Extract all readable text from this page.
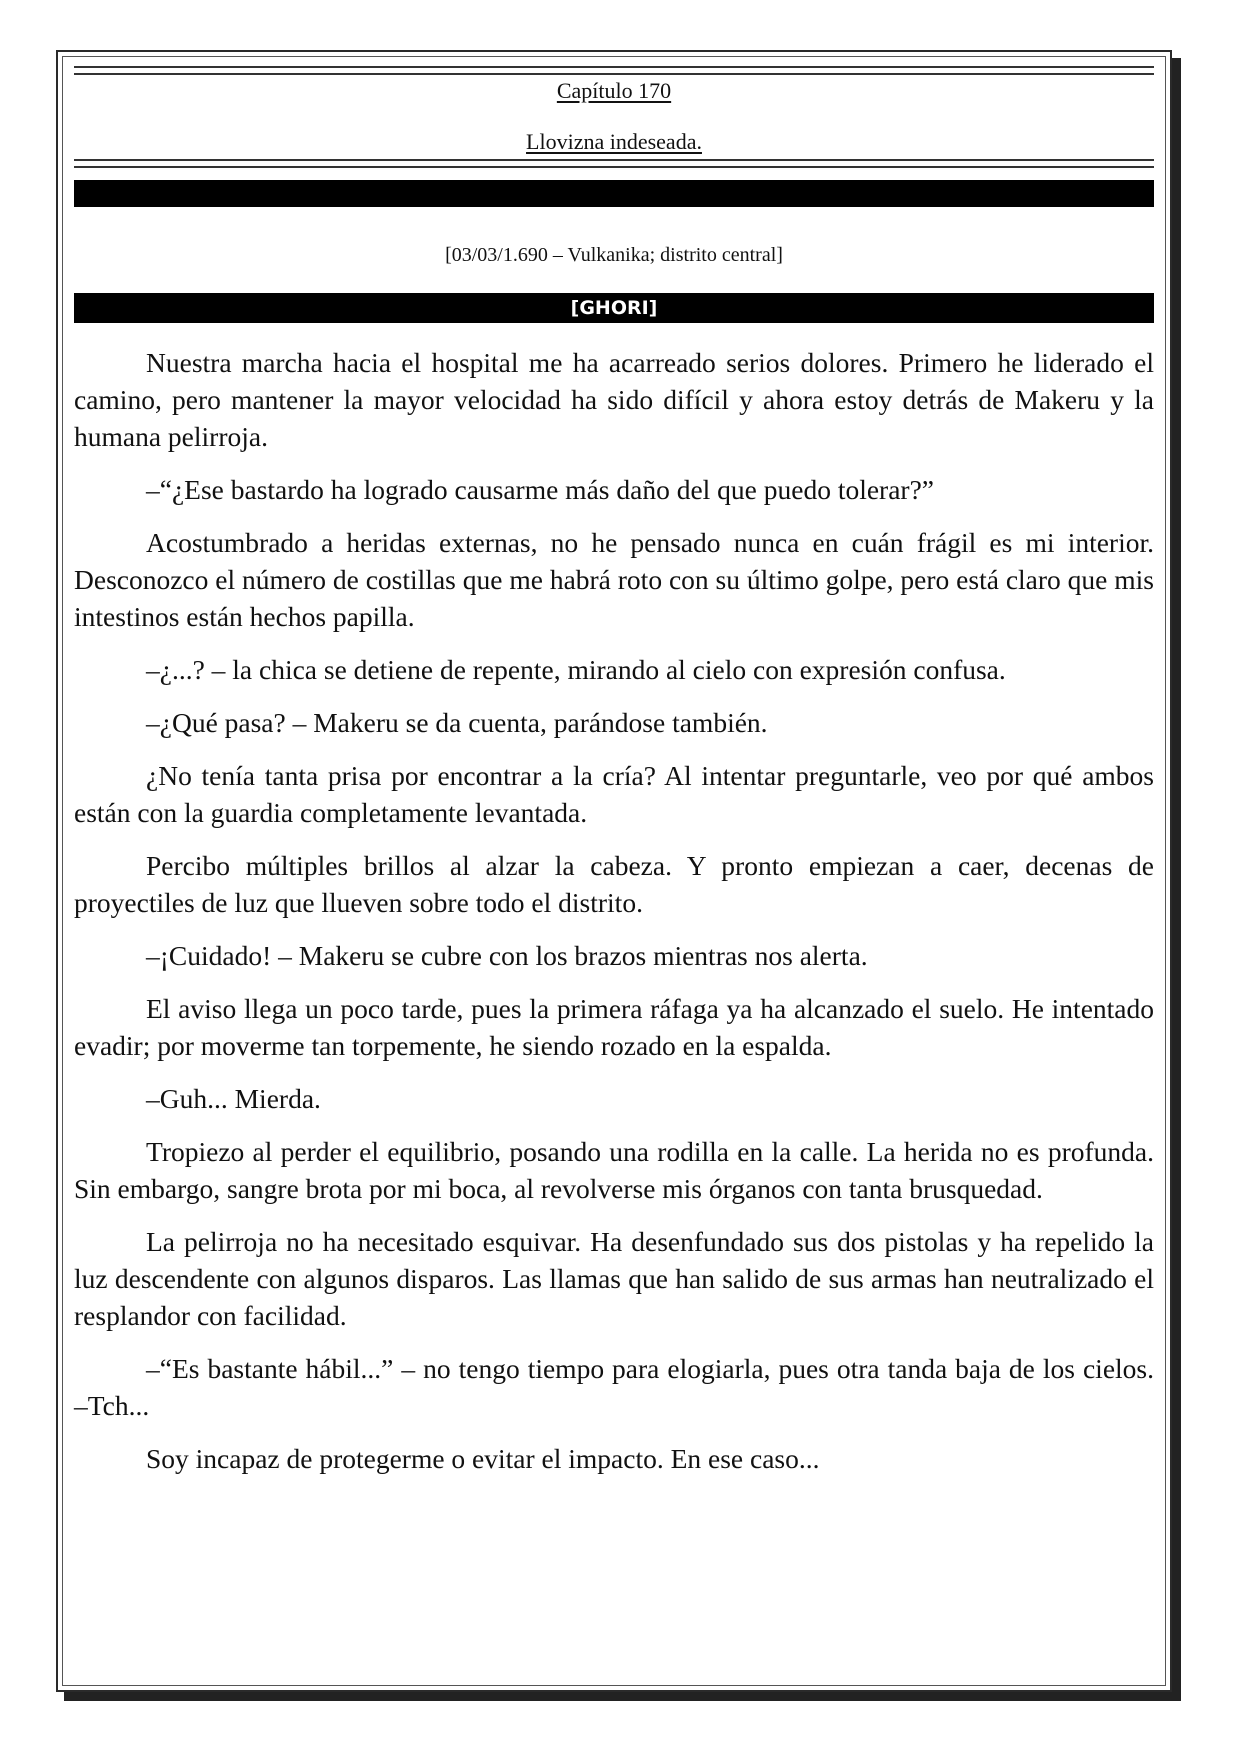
Capítulo 170
Llovizna indeseada.
[03/03/1.690 – Vulkanika; distrito central]
[GHORI]

Nuestra marcha hacia el hospital me ha acarreado serios dolores. Primero he liderado el camino, pero mantener la mayor velocidad ha sido difícil y ahora estoy detrás de Makeru y la humana pelirroja.

–“¿Ese bastardo ha logrado causarme más daño del que puedo tolerar?”

Acostumbrado a heridas externas, no he pensado nunca en cuán frágil es mi interior. Desconozco el número de costillas que me habrá roto con su último golpe, pero está claro que mis intestinos están hechos papilla.

–¿...? – la chica se detiene de repente, mirando al cielo con expresión confusa.

–¿Qué pasa? – Makeru se da cuenta, parándose también.

¿No tenía tanta prisa por encontrar a la cría? Al intentar preguntarle, veo por qué ambos están con la guardia completamente levantada.

Percibo múltiples brillos al alzar la cabeza. Y pronto empiezan a caer, decenas de proyectiles de luz que llueven sobre todo el distrito.

–¡Cuidado! – Makeru se cubre con los brazos mientras nos alerta.

El aviso llega un poco tarde, pues la primera ráfaga ya ha alcanzado el suelo. He intentado evadir; por moverme tan torpemente, he siendo rozado en la espalda.

–Guh... Mierda.

Tropiezo al perder el equilibrio, posando una rodilla en la calle. La herida no es profunda. Sin embargo, sangre brota por mi boca, al revolverse mis órganos con tanta brusquedad.

La pelirroja no ha necesitado esquivar. Ha desenfundado sus dos pistolas y ha repelido la luz descendente con algunos disparos. Las llamas que han salido de sus armas han neutralizado el resplandor con facilidad.

–“Es bastante hábil...” – no tengo tiempo para elogiarla, pues otra tanda baja de los cielos. –Tch...

Soy incapaz de protegerme o evitar el impacto. En ese caso...
